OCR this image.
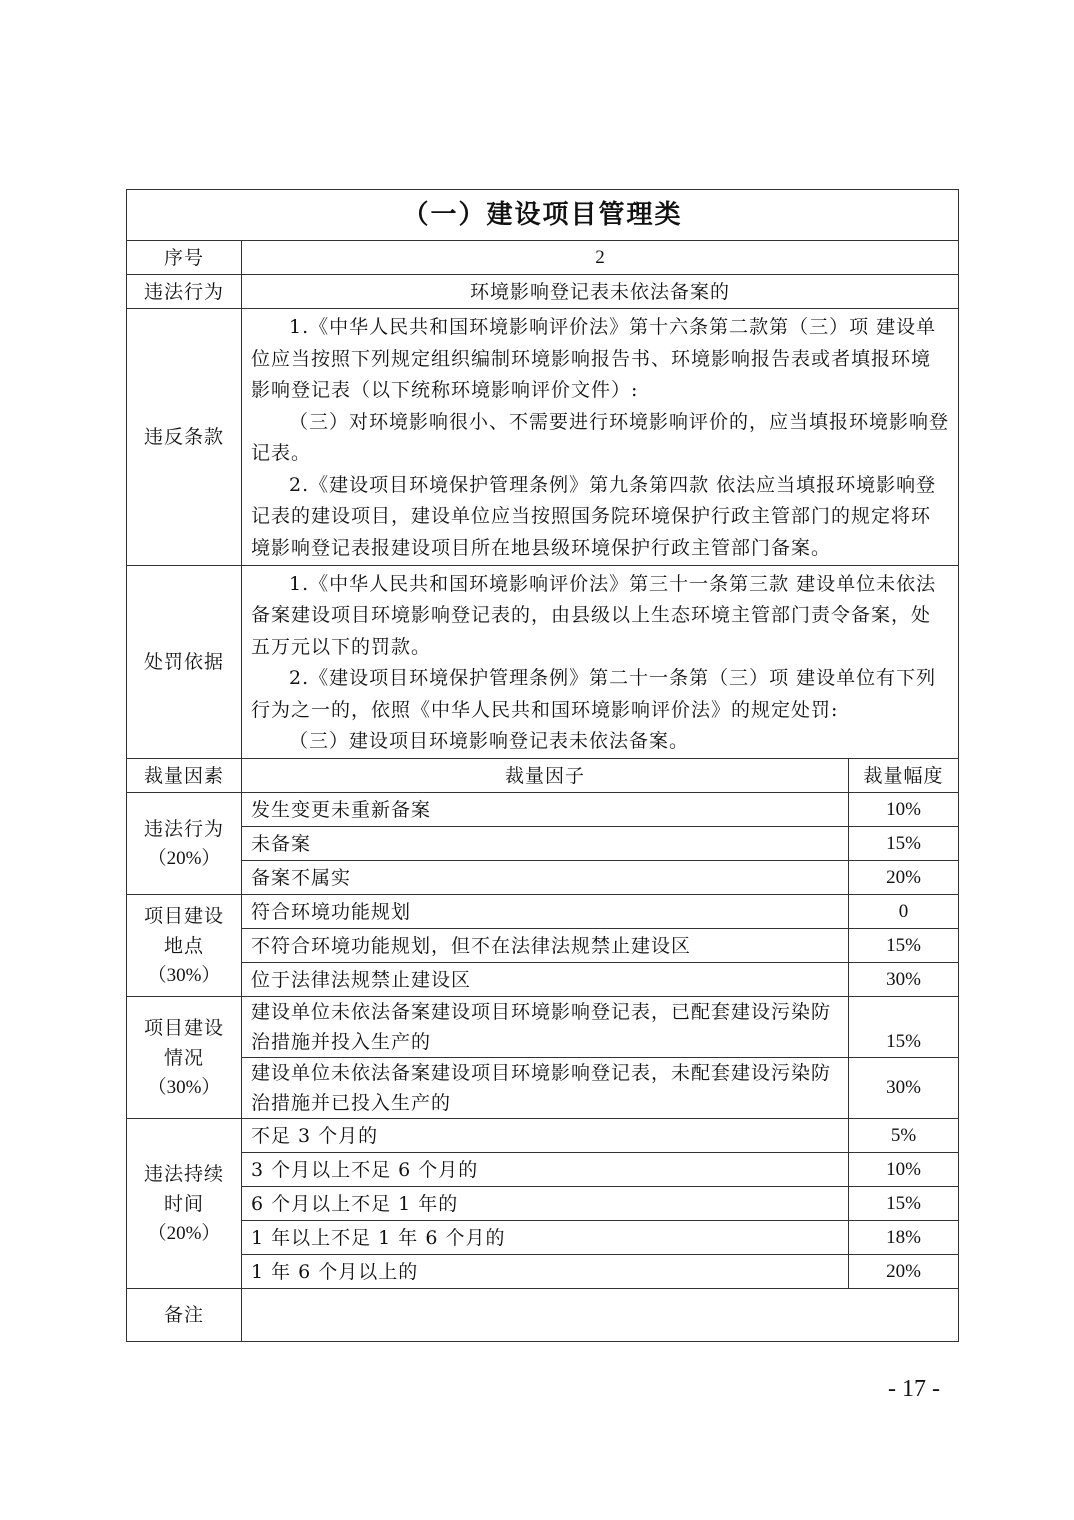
（一）建设项目管理类		
序号	2	
违法行为	环境影响登记表未依法备案的	
违反条款	1.《中华人民共和国环境影响评价法》第十六条第二款第（三）项 建设单位应当按照下列规定组织编制环境影响报告书、环境影响报告表或者填报环境影响登记表（以下统称环境影响评价文件）:
（三）对环境影响很小、不需要进行环境影响评价的，应当填报环境影响登记表。
2.《建设项目环境保护管理条例》第九条第四款 依法应当填报环境影响登记表的建设项目，建设单位应当按照国务院环境保护行政主管部门的规定将环境影响登记表报建设项目所在地县级环境保护行政主管部门备案。	

处罚依据	1.《中华人民共和国环境影响评价法》第三十一条第三款 建设单位未依法备案建设项目环境影响登记表的，由县级以上生态环境主管部门责令备案，处五万元以下的罚款。
2.《建设项目环境保护管理条例》第二十一条第（三）项 建设单位有下列行为之一的，依照《中华人民共和国环境影响评价法》的规定处罚:
（三）建设项目环境影响登记表未依法备案。	

裁量因素	裁量因子	裁量幅度

违法行为
（20%）	发生变更未重新备案	10%
	未备案	15%
	备案不属实	20%

项目建设
地点
（30%）	符合环境功能规划	0
	不符合环境功能规划，但不在法律法规禁止建设区	15%
	位于法律法规禁止建设区	30%

项目建设
情况
（30%）	建设单位未依法备案建设项目环境影响登记表，已配套建设污染防治措施并投入生产的	15%
	建设单位未依法备案建设项目环境影响登记表，未配套建设污染防治措施并已投入生产的	30%

违法持续
时间
（20%）	不足 3 个月的	5%
	3 个月以上不足 6 个月的	10%
	6 个月以上不足 1 年的	15%
	1 年以上不足 1 年 6 个月的	18%
	1 年 6 个月以上的	20%
备注		
- 17 -
